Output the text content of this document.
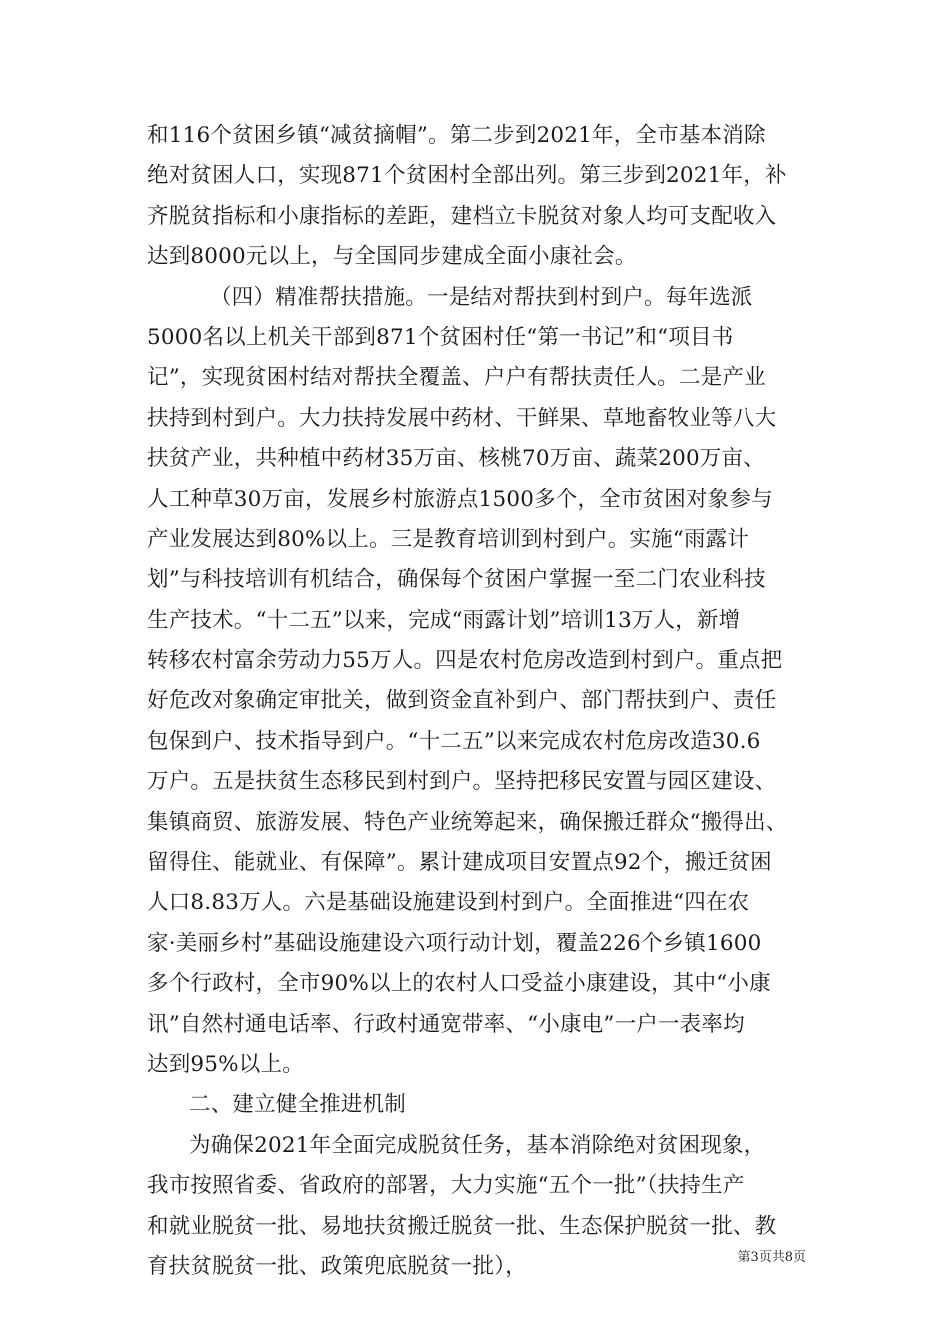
和116个贫困乡镇“减贫摘帽”。第二步到2021年，全市基本消除
绝对贫困人口，实现871个贫困村全部出列。第三步到2021年，补
齐脱贫指标和小康指标的差距，建档立卡脱贫对象人均可支配收入
达到8000元以上，与全国同步建成全面小康社会。
（四）精准帮扶措施。一是结对帮扶到村到户。每年选派
5000名以上机关干部到871个贫困村任“第一书记”和“项目书
记”，实现贫困村结对帮扶全覆盖、户户有帮扶责任人。二是产业
扶持到村到户。大力扶持发展中药材、干鲜果、草地畜牧业等八大
扶贫产业，共种植中药材35万亩、核桃70万亩、蔬菜200万亩、
人工种草30万亩，发展乡村旅游点1500多个，全市贫困对象参与
产业发展达到80%以上。三是教育培训到村到户。实施“雨露计
划”与科技培训有机结合，确保每个贫困户掌握一至二门农业科技
生产技术。“十二五”以来，完成“雨露计划”培训13万人，新增
转移农村富余劳动力55万人。四是农村危房改造到村到户。重点把
好危改对象确定审批关，做到资金直补到户、部门帮扶到户、责任
包保到户、技术指导到户。“十二五”以来完成农村危房改造30.6
万户。五是扶贫生态移民到村到户。坚持把移民安置与园区建设、
集镇商贸、旅游发展、特色产业统筹起来，确保搬迁群众“搬得出、
留得住、能就业、有保障”。累计建成项目安置点92个，搬迁贫困
人口8.83万人。六是基础设施建设到村到户。全面推进“四在农
家·美丽乡村”基础设施建设六项行动计划，覆盖226个乡镇1600
多个行政村，全市90%以上的农村人口受益小康建设，其中“小康
讯”自然村通电话率、行政村通宽带率、“小康电”一户一表率均
达到95%以上。
二、建立健全推进机制
为确保2021年全面完成脱贫任务，基本消除绝对贫困现象，
我市按照省委、省政府的部署，大力实施“五个一批”（扶持生产
和就业脱贫一批、易地扶贫搬迁脱贫一批、生态保护脱贫一批、教
育扶贫脱贫一批、政策兜底脱贫一批），	第3页共8页
